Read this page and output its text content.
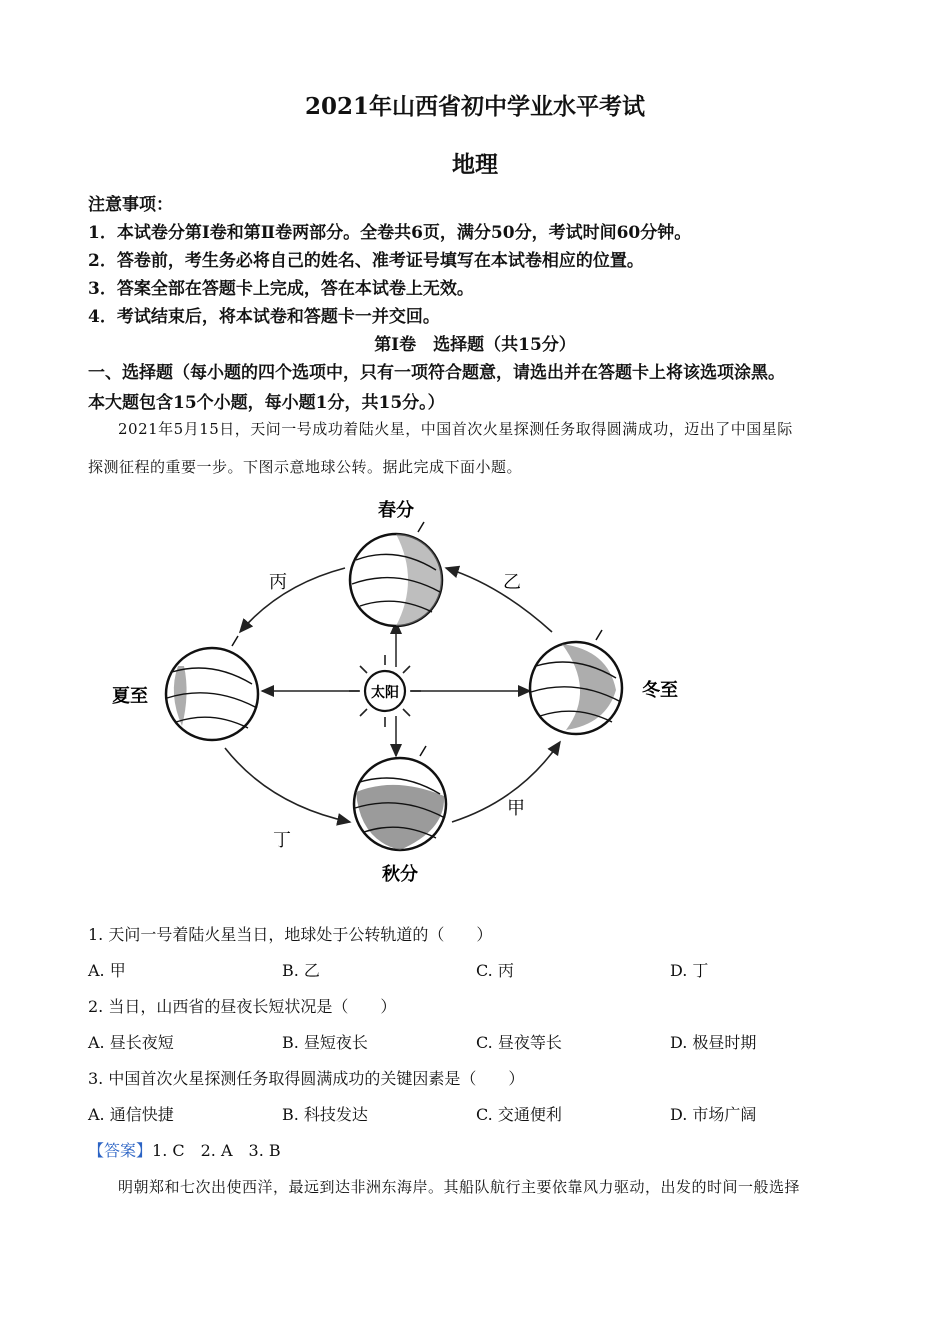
2021年山西省初中学业水平考试
地理
注意事项：
1．本试卷分第Ⅰ卷和第Ⅱ卷两部分。全卷共6页，满分50分，考试时间60分钟。
2．答卷前，考生务必将自己的姓名、准考证号填写在本试卷相应的位置。
3．答案全部在答题卡上完成，答在本试卷上无效。
4．考试结束后，将本试卷和答题卡一并交回。
第Ⅰ卷　选择题（共15分）
一、选择题（每小题的四个选项中，只有一项符合题意，请选出并在答题卡上将该选项涂黑。
本大题包含15个小题，每小题1分，共15分。）
2021年5月15日，天问一号成功着陆火星，中国首次火星探测任务取得圆满成功，迈出了中国星际
探测征程的重要一步。下图示意地球公转。据此完成下面小题。
太阳
春分
夏至	冬至
秋分
丙	乙
丁
甲
1. 天问一号着陆火星当日，地球处于公转轨道的（　　）
A. 甲	B. 乙	C. 丙	D. 丁
2. 当日，山西省的昼夜长短状况是（　　）
A. 昼长夜短	B. 昼短夜长	C. 昼夜等长	D. 极昼时期
3. 中国首次火星探测任务取得圆满成功的关键因素是（　　）
A. 通信快捷	B. 科技发达	C. 交通便利	D. 市场广阔
【答案】1. C　2. A　3. B
明朝郑和七次出使西洋，最远到达非洲东海岸。其船队航行主要依靠风力驱动，出发的时间一般选择
